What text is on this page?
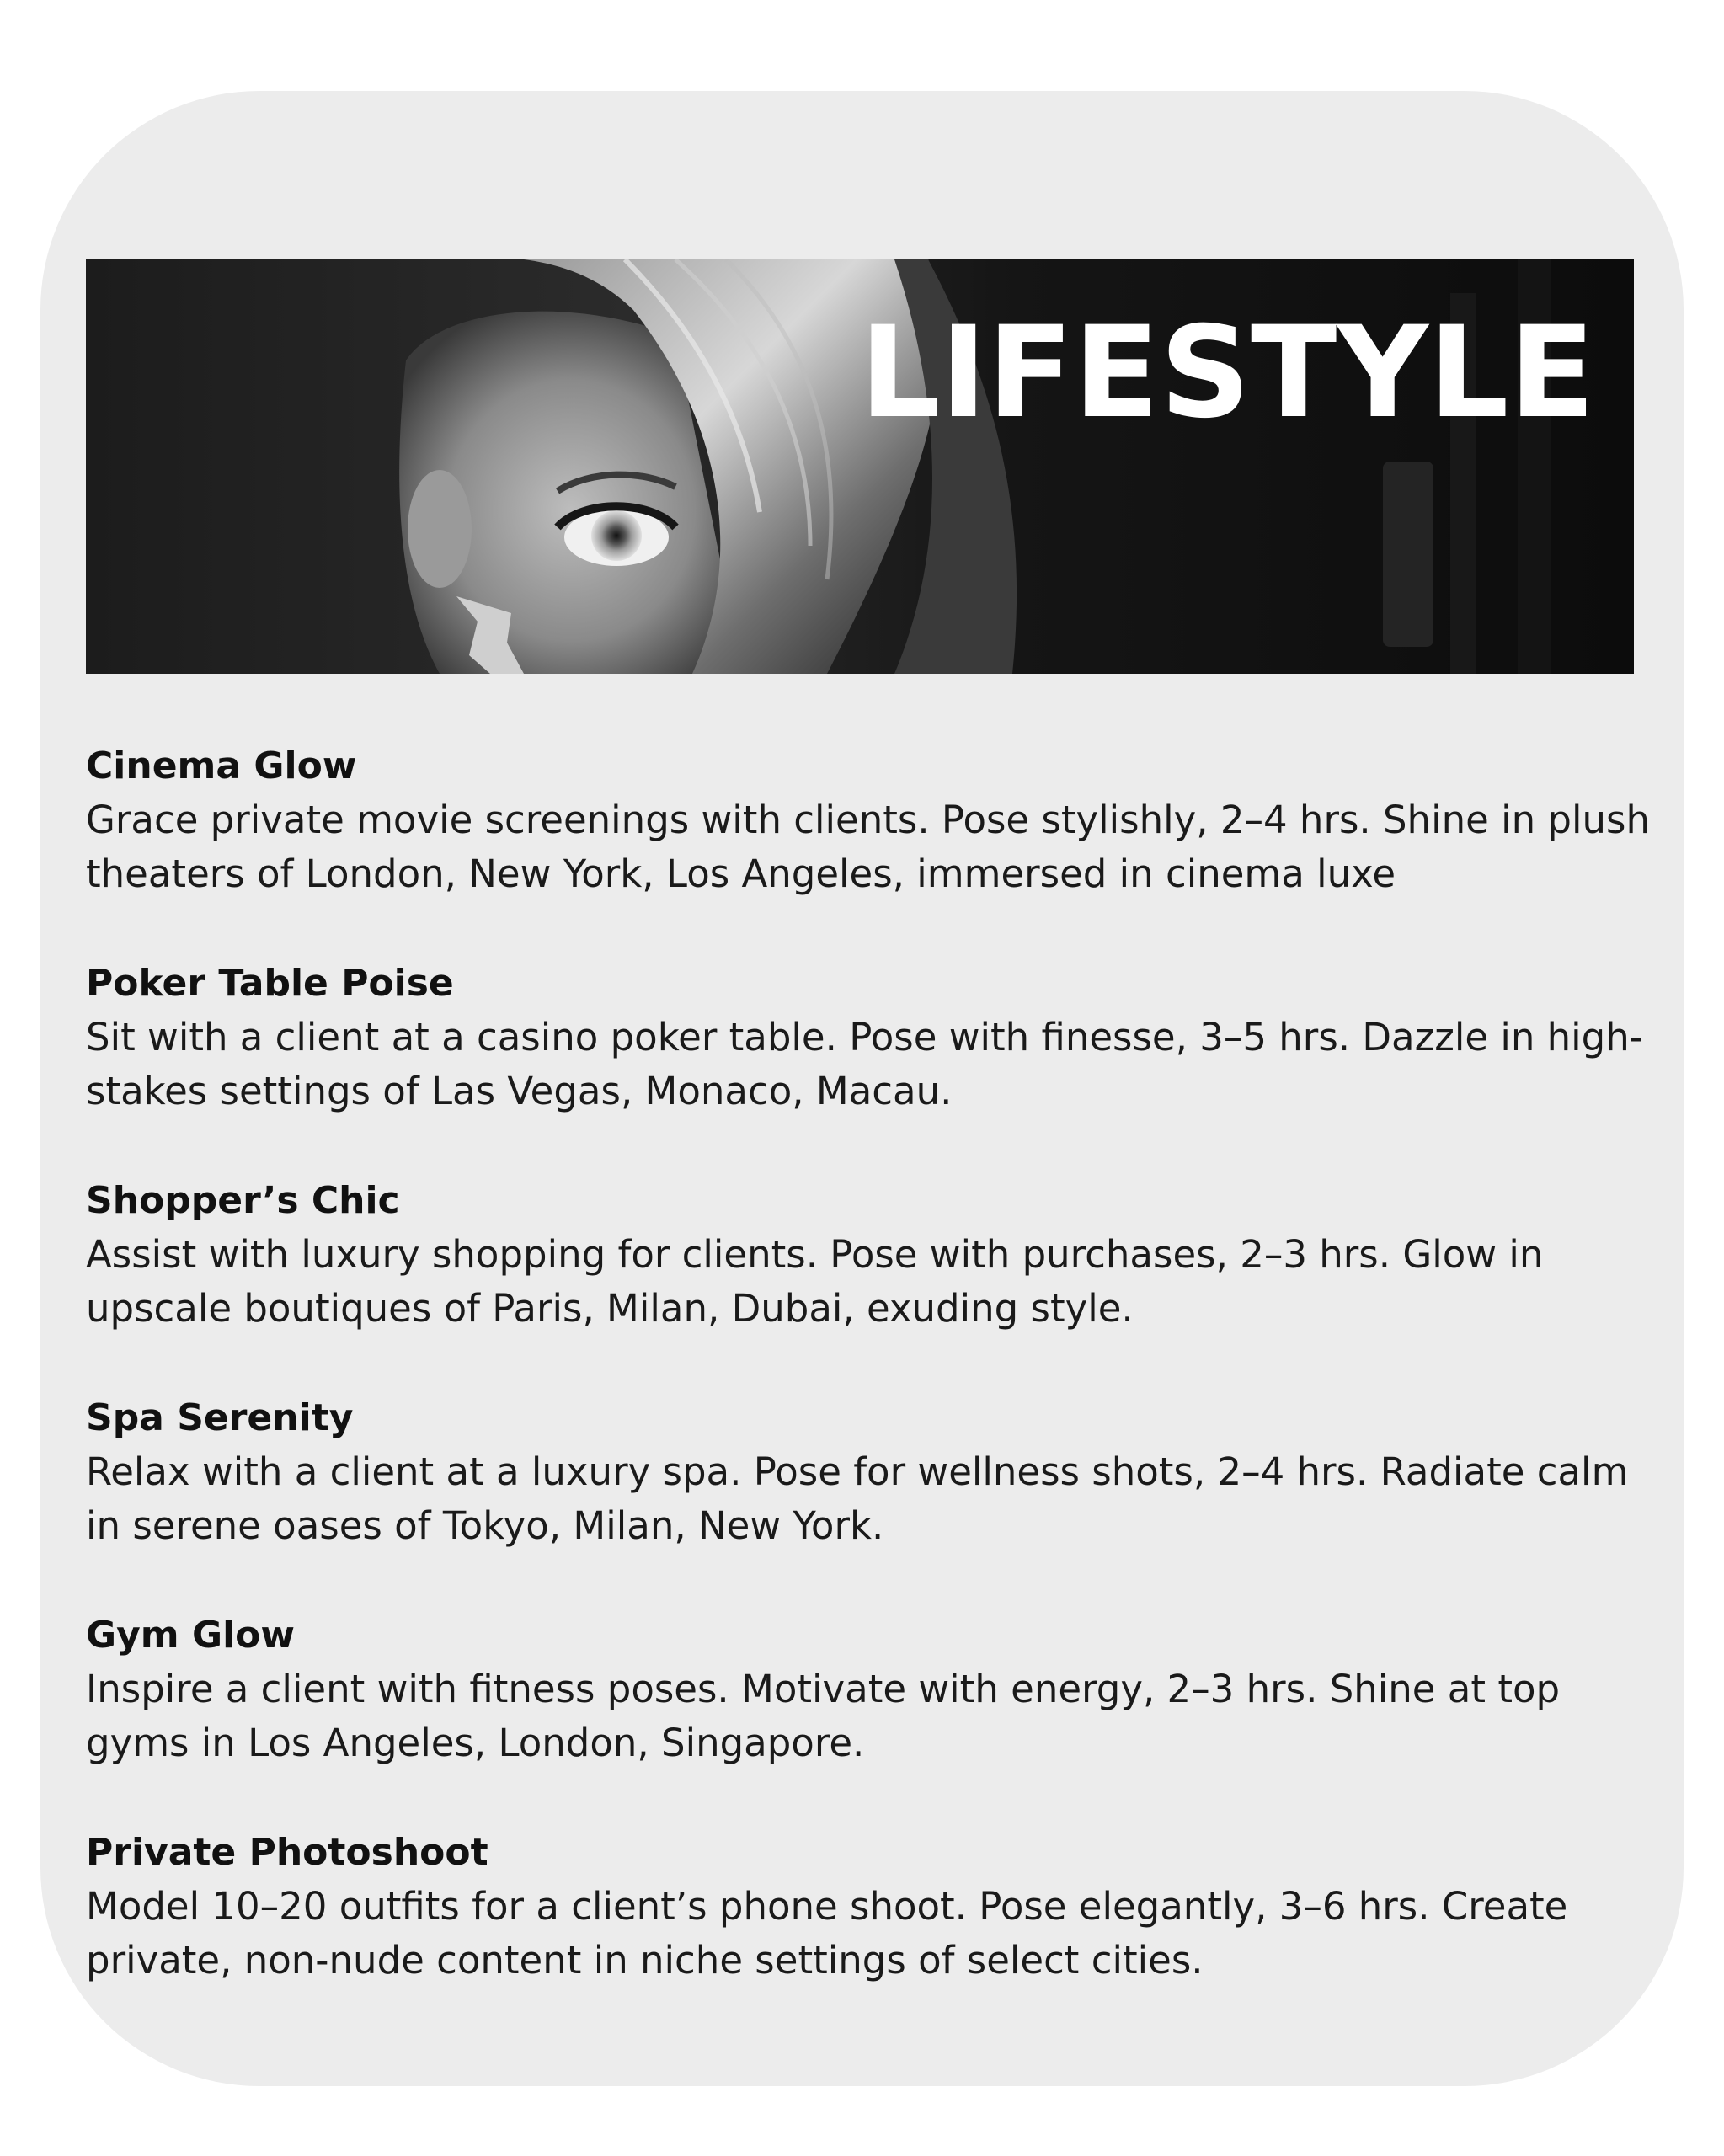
LIFESTYLE

Cinema Glow

Grace private movie screenings with clients. Pose stylishly, 2–4 hrs. Shine in plush theaters of London, New York, Los Angeles, immersed in cinema luxe

Poker Table Poise

Sit with a client at a casino poker table. Pose with finesse, 3–5 hrs. Dazzle in high-stakes settings of Las Vegas, Monaco, Macau.

Shopper’s Chic

Assist with luxury shopping for clients. Pose with purchases, 2–3 hrs. Glow in upscale boutiques of Paris, Milan, Dubai, exuding style.

Spa Serenity

Relax with a client at a luxury spa. Pose for wellness shots, 2–4 hrs. Radiate calm in serene oases of Tokyo, Milan, New York.

Gym Glow

Inspire a client with fitness poses. Motivate with energy, 2–3 hrs. Shine at top gyms in Los Angeles, London, Singapore.

Private Photoshoot

Model 10–20 outfits for a client’s phone shoot. Pose elegantly, 3–6 hrs. Create private, non-nude content in niche settings of select cities.
